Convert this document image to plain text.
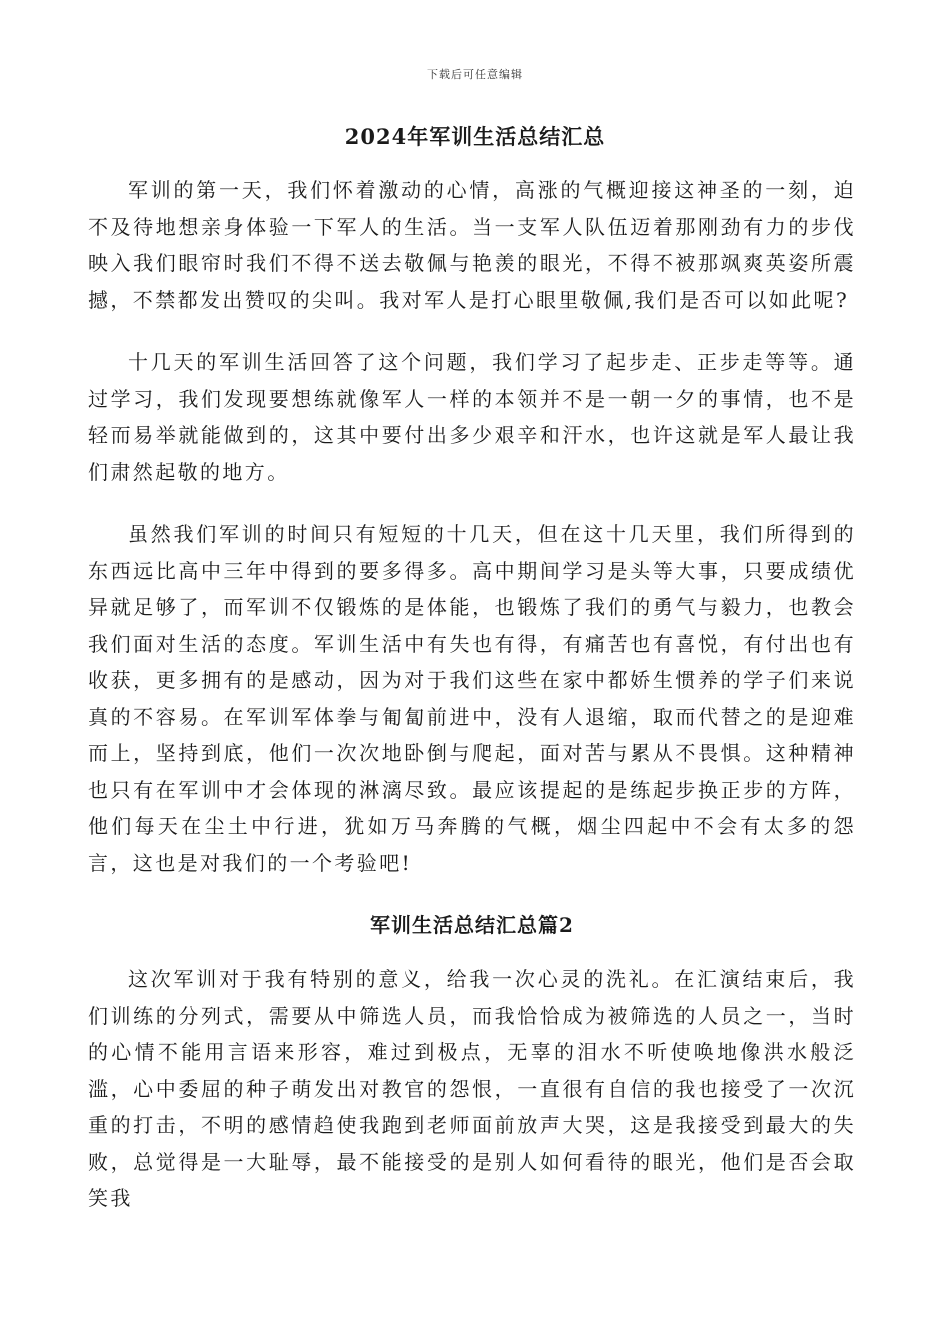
下载后可任意编辑
2024年军训生活总结汇总

军训的第一天，我们怀着激动的心情，高涨的气概迎接这神圣的一刻，迫不及待地想亲身体验一下军人的生活。当一支军人队伍迈着那刚劲有力的步伐映入我们眼帘时我们不得不送去敬佩与艳羡的眼光，不得不被那飒爽英姿所震撼，不禁都发出赞叹的尖叫。我对军人是打心眼里敬佩,我们是否可以如此呢?

十几天的军训生活回答了这个问题，我们学习了起步走、正步走等等。通过学习，我们发现要想练就像军人一样的本领并不是一朝一夕的事情，也不是轻而易举就能做到的，这其中要付出多少艰辛和汗水，也许这就是军人最让我们肃然起敬的地方。

虽然我们军训的时间只有短短的十几天，但在这十几天里，我们所得到的东西远比高中三年中得到的要多得多。高中期间学习是头等大事，只要成绩优异就足够了，而军训不仅锻炼的是体能，也锻炼了我们的勇气与毅力，也教会我们面对生活的态度。军训生活中有失也有得，有痛苦也有喜悦，有付出也有收获，更多拥有的是感动，因为对于我们这些在家中都娇生惯养的学子们来说真的不容易。在军训军体拳与匍匐前进中，没有人退缩，取而代替之的是迎难而上，坚持到底，他们一次次地卧倒与爬起，面对苦与累从不畏惧。这种精神也只有在军训中才会体现的淋漓尽致。最应该提起的是练起步换正步的方阵，他们每天在尘土中行进，犹如万马奔腾的气概，烟尘四起中不会有太多的怨言，这也是对我们的一个考验吧!

军训生活总结汇总篇2

这次军训对于我有特别的意义，给我一次心灵的洗礼。在汇演结束后，我们训练的分列式，需要从中筛选人员，而我恰恰成为被筛选的人员之一，当时的心情不能用言语来形容，难过到极点，无辜的泪水不听使唤地像洪水般泛滥，心中委屈的种子萌发出对教官的怨恨，一直很有自信的我也接受了一次沉重的打击，不明的感情趋使我跑到老师面前放声大哭，这是我接受到最大的失败，总觉得是一大耻辱，最不能接受的是别人如何看待的眼光，他们是否会取笑我
